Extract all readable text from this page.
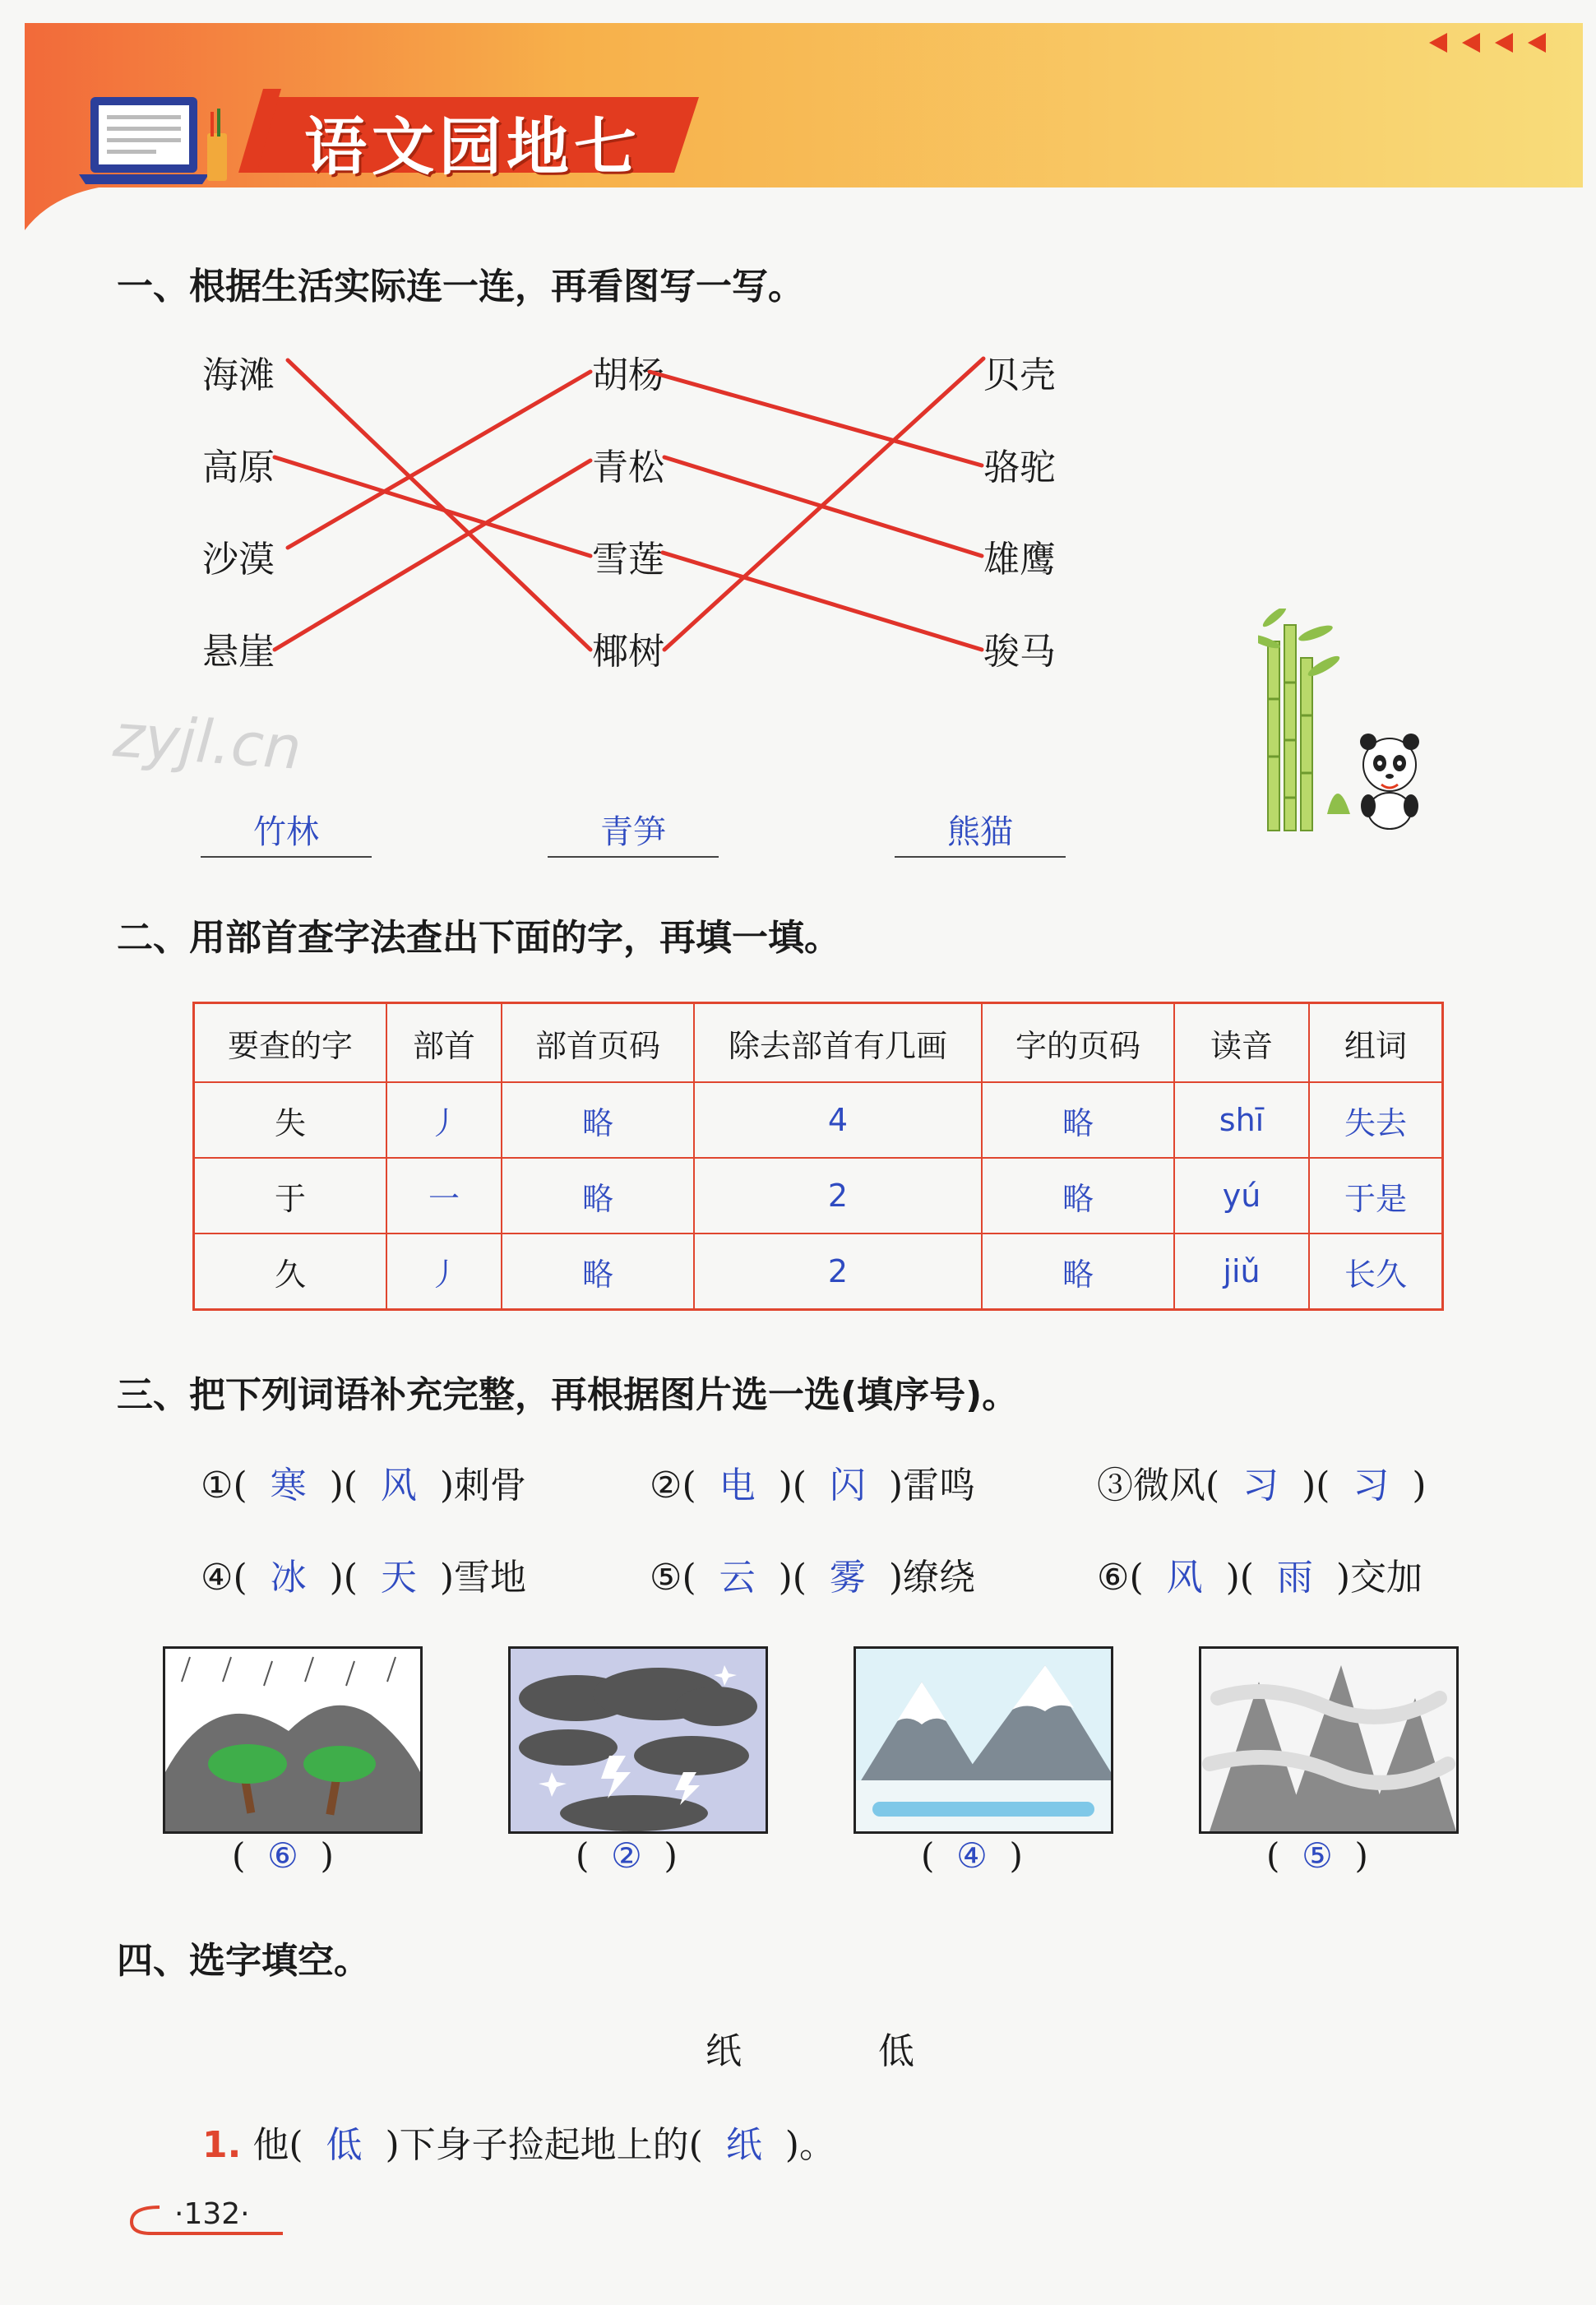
语文园地七
一、根据生活实际连一连，再看图写一写。
海滩
高原
沙漠
悬崖
胡杨
青松
雪莲
椰树
贝壳
骆驼
雄鹰
骏马
zyjl.cn
竹林	青笋	熊猫
二、用部首查字法查出下面的字，再填一填。
要查的字	部首	部首页码	除去部首有几画	字的页码	读音	组词
失	丿	略	4	略	shī	失去
于	一	略	2	略	yú	于是
久	丿	略	2	略	jiǔ	长久
三、把下列词语补充完整，再根据图片选一选(填序号)。
①(  寒  )(  风  )刺骨	②(  电  )(  闪  )雷鸣	③微风(  习  )(  习  )
④(  冰  )(  天  )雪地	⑤(  云  )(  雾  )缭绕	⑥(  风  )(  雨  )交加
(  ⑥  )	(  ②  )	(  ④  )	(  ⑤  )
四、选字填空。
纸	低
1. 他( 低 )下身子捡起地上的( 纸 )。
·132·
